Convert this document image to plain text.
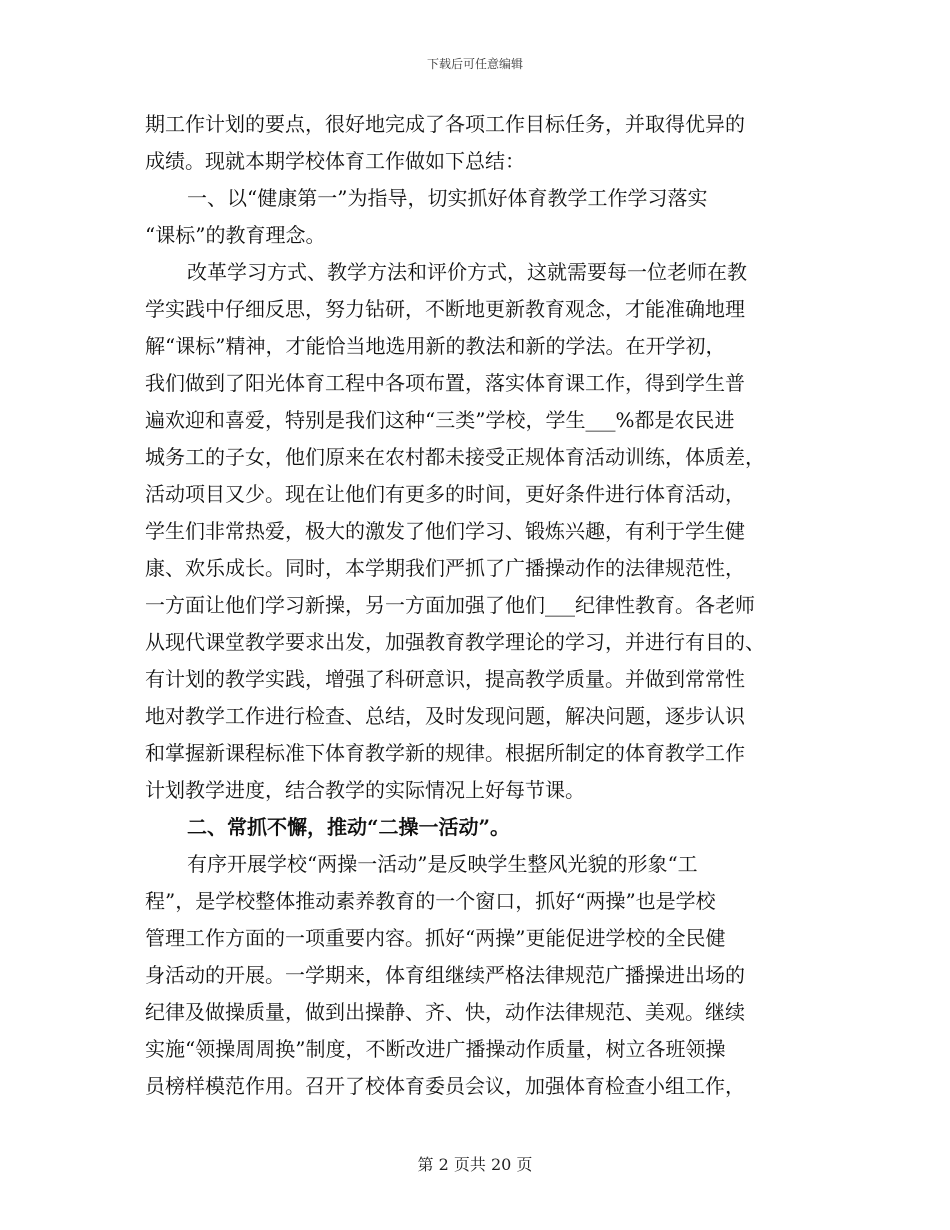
下载后可任意编辑
期工作计划的要点，很好地完成了各项工作目标任务，并取得优异的
成绩。现就本期学校体育工作做如下总结：
一、以“健康第一”为指导，切实抓好体育教学工作学习落实
“课标”的教育理念。
改革学习方式、教学方法和评价方式，这就需要每一位老师在教
学实践中仔细反思，努力钻研，不断地更新教育观念，才能准确地理
解“课标”精神，才能恰当地选用新的教法和新的学法。在开学初，
我们做到了阳光体育工程中各项布置，落实体育课工作，得到学生普
遍欢迎和喜爱，特别是我们这种“三类”学校，学生___%都是农民进
城务工的子女，他们原来在农村都未接受正规体育活动训练，体质差，
活动项目又少。现在让他们有更多的时间，更好条件进行体育活动，
学生们非常热爱，极大的激发了他们学习、锻炼兴趣，有利于学生健
康、欢乐成长。同时，本学期我们严抓了广播操动作的法律规范性，
一方面让他们学习新操，另一方面加强了他们___纪律性教育。各老师
从现代课堂教学要求出发，加强教育教学理论的学习，并进行有目的、
有计划的教学实践，增强了科研意识，提高教学质量。并做到常常性
地对教学工作进行检查、总结，及时发现问题，解决问题，逐步认识
和掌握新课程标准下体育教学新的规律。根据所制定的体育教学工作
计划教学进度，结合教学的实际情况上好每节课。
二、常抓不懈，推动“二操一活动”。
有序开展学校“两操一活动”是反映学生整风光貌的形象“工
程”，是学校整体推动素养教育的一个窗口，抓好“两操”也是学校
管理工作方面的一项重要内容。抓好“两操”更能促进学校的全民健
身活动的开展。一学期来，体育组继续严格法律规范广播操进出场的
纪律及做操质量，做到出操静、齐、快，动作法律规范、美观。继续
实施“领操周周换”制度，不断改进广播操动作质量，树立各班领操
员榜样模范作用。召开了校体育委员会议，加强体育检查小组工作，
第 2 页共 20 页
